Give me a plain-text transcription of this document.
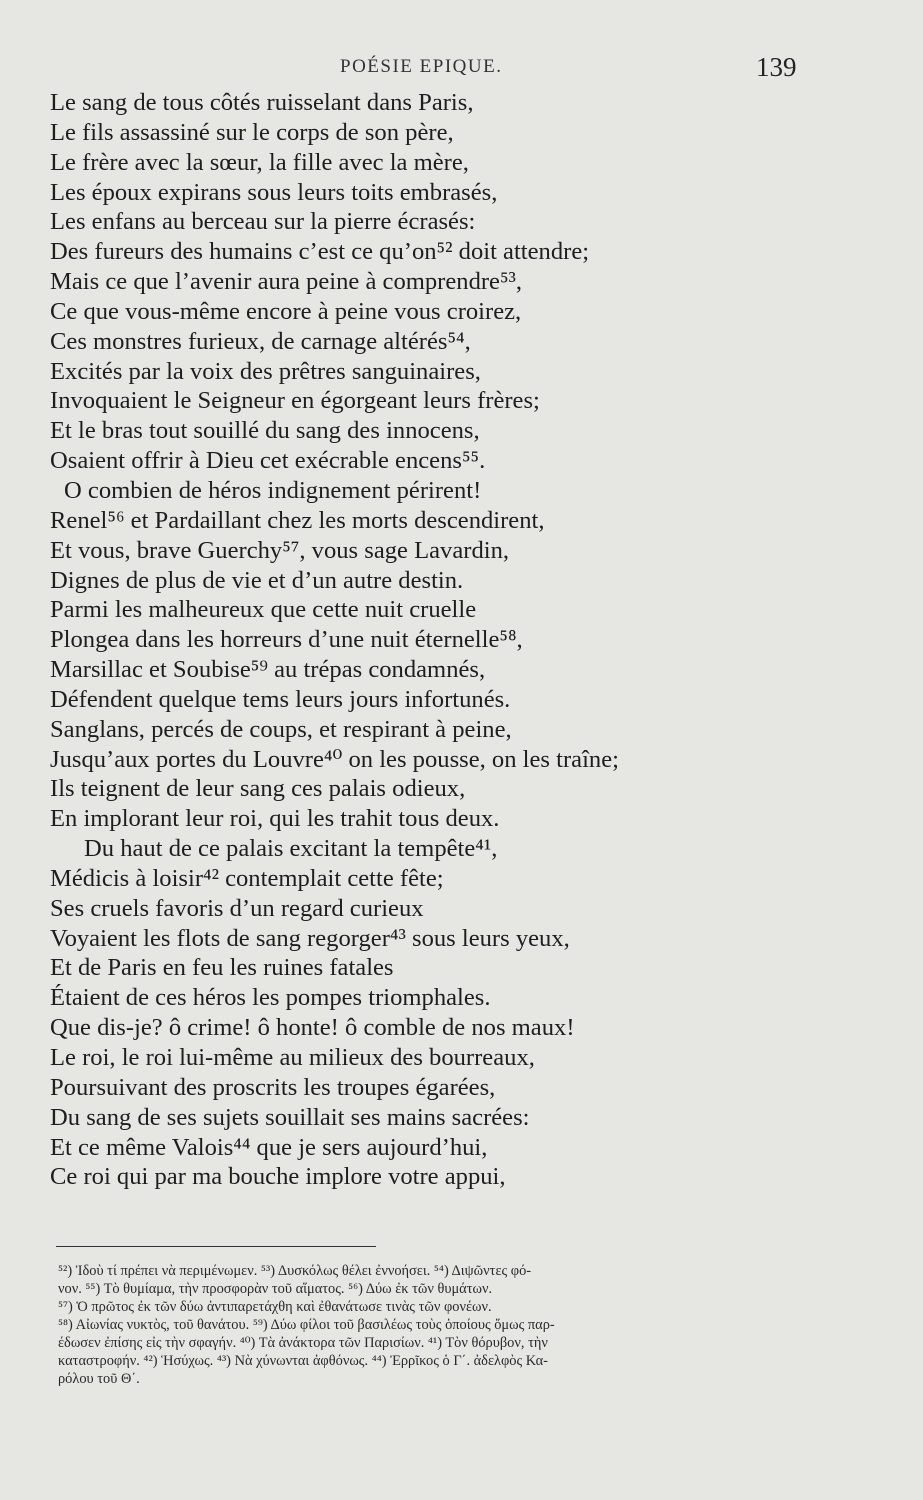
POÉSIE EPIQUE.	139
Le sang de tous côtés ruisselant dans Paris,
Le fils assassiné sur le corps de son père,
Le frère avec la sœur, la fille avec la mère,
Les époux expirans sous leurs toits embrasés,
Les enfans au berceau sur la pierre écrasés:
Des fureurs des humains c’est ce qu’on⁵² doit attendre;
Mais ce que l’avenir aura peine à comprendre⁵³,
Ce que vous-même encore à peine vous croirez,
Ces monstres furieux, de carnage altérés⁵⁴,
Excités par la voix des prêtres sanguinaires,
Invoquaient le Seigneur en égorgeant leurs frères;
Et le bras tout souillé du sang des innocens,
Osaient offrir à Dieu cet exécrable encens⁵⁵.
O combien de héros indignement périrent!
Renel⁵⁶ et Pardaillant chez les morts descendirent,
Et vous, brave Guerchy⁵⁷, vous sage Lavardin,
Dignes de plus de vie et d’un autre destin.
Parmi les malheureux que cette nuit cruelle
Plongea dans les horreurs d’une nuit éternelle⁵⁸,
Marsillac et Soubise⁵⁹ au trépas condamnés,
Défendent quelque tems leurs jours infortunés.
Sanglans, percés de coups, et respirant à peine,
Jusqu’aux portes du Louvre⁴⁰ on les pousse, on les traîne;
Ils teignent de leur sang ces palais odieux,
En implorant leur roi, qui les trahit tous deux.
Du haut de ce palais excitant la tempête⁴¹,
Médicis à loisir⁴² contemplait cette fête;
Ses cruels favoris d’un regard curieux
Voyaient les flots de sang regorger⁴³ sous leurs yeux,
Et de Paris en feu les ruines fatales
Étaient de ces héros les pompes triomphales.
Que dis-je? ô crime! ô honte! ô comble de nos maux!
Le roi, le roi lui-même au milieux des bourreaux,
Poursuivant des proscrits les troupes égarées,
Du sang de ses sujets souillait ses mains sacrées:
Et ce même Valois⁴⁴ que je sers aujourd’hui,
Ce roi qui par ma bouche implore votre appui,
⁵²) Ἰδοὺ τί πρέπει νὰ περιμένωμεν. ⁵³) Δυσκόλως θέλει ἐννοήσει. ⁵⁴) Διψῶντες φό-
νον. ⁵⁵) Τὸ θυμίαμα, τὴν προσφορὰν τοῦ αἵματος. ⁵⁶) Δύω ἐκ τῶν θυμάτων.
⁵⁷) Ὁ πρῶτος ἐκ τῶν δύω ἀντιπαρετάχθη καὶ ἐθανάτωσε τινὰς τῶν φονέων.
⁵⁸) Αἰωνίας νυκτὸς, τοῦ θανάτου. ⁵⁹) Δύω φίλοι τοῦ βασιλέως τοὺς ὁποίους ὅμως παρ-
έδωσεν ἐπίσης εἰς τὴν σφαγήν. ⁴⁰) Τὰ ἀνάκτορα τῶν Παρισίων. ⁴¹) Τὸν θόρυβον, τὴν
καταστροφήν. ⁴²) Ἡσύχως. ⁴³) Νὰ χύνωνται ἀφθόνως. ⁴⁴) Ἐρρῖκος ὁ Γ΄. ἀδελφὸς Κα-
ρόλου τοῦ Θ΄.
